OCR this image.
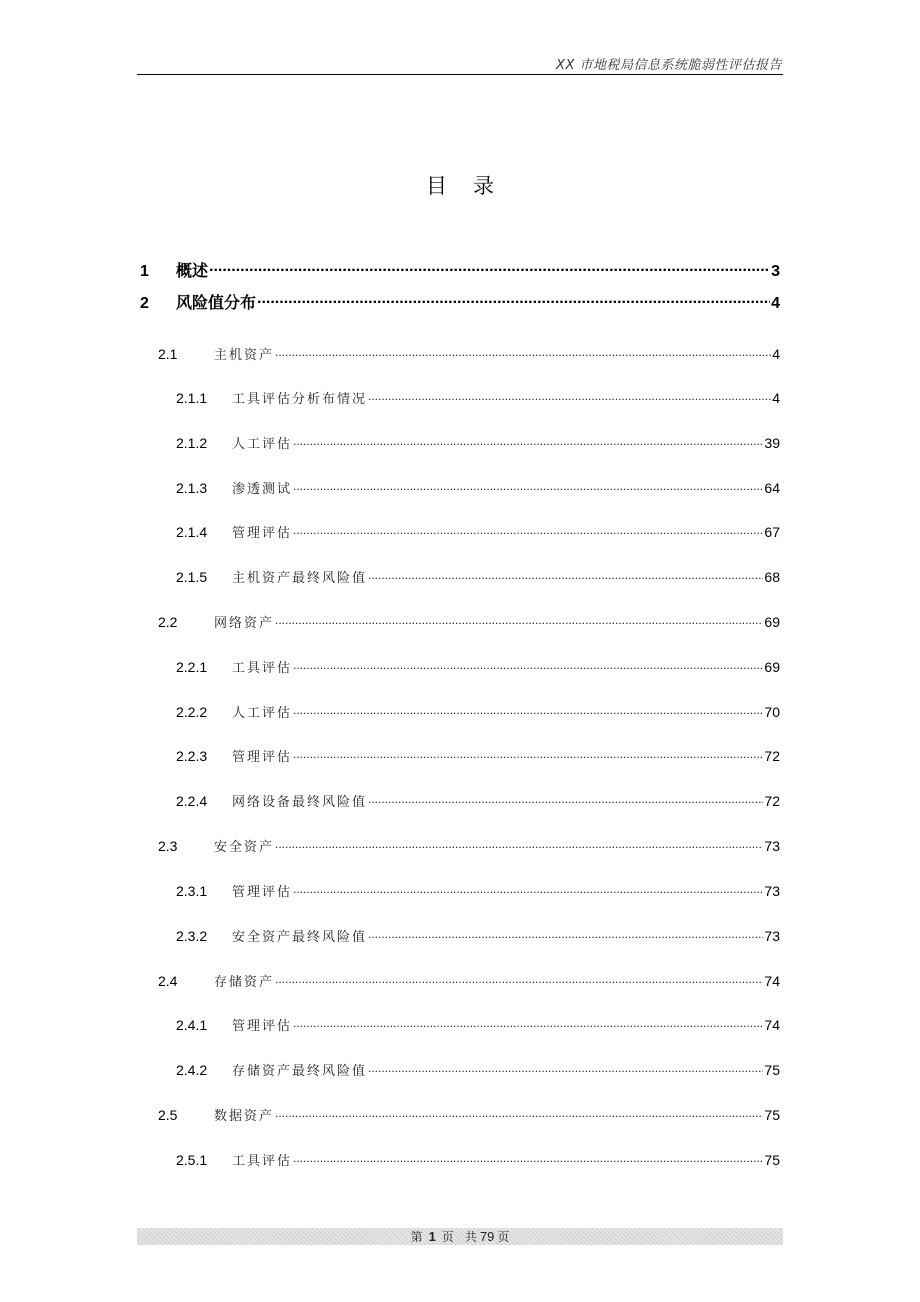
XX 市地税局信息系统脆弱性评估报告
目录
1	概述 .....	3
2	风险值分布 .....	4
2.1	主机资产 .....	4
2.1.1	工具评估分析布情况 .....	4
2.1.2	人工评估 .....	39
2.1.3	渗透测试 .....	64
2.1.4	管理评估 .....	67
2.1.5	主机资产最终风险值 .....	68
2.2	网络资产 .....	69
2.2.1	工具评估 .....	69
2.2.2	人工评估 .....	70
2.2.3	管理评估 .....	72
2.2.4	网络设备最终风险值 .....	72
2.3	安全资产 .....	73
2.3.1	管理评估 .....	73
2.3.2	安全资产最终风险值 .....	73
2.4	存储资产 .....	74
2.4.1	管理评估 .....	74
2.4.2	存储资产最终风险值 .....	75
2.5	数据资产 .....	75
2.5.1	工具评估 .....	75
第 1 页 共 79 页
